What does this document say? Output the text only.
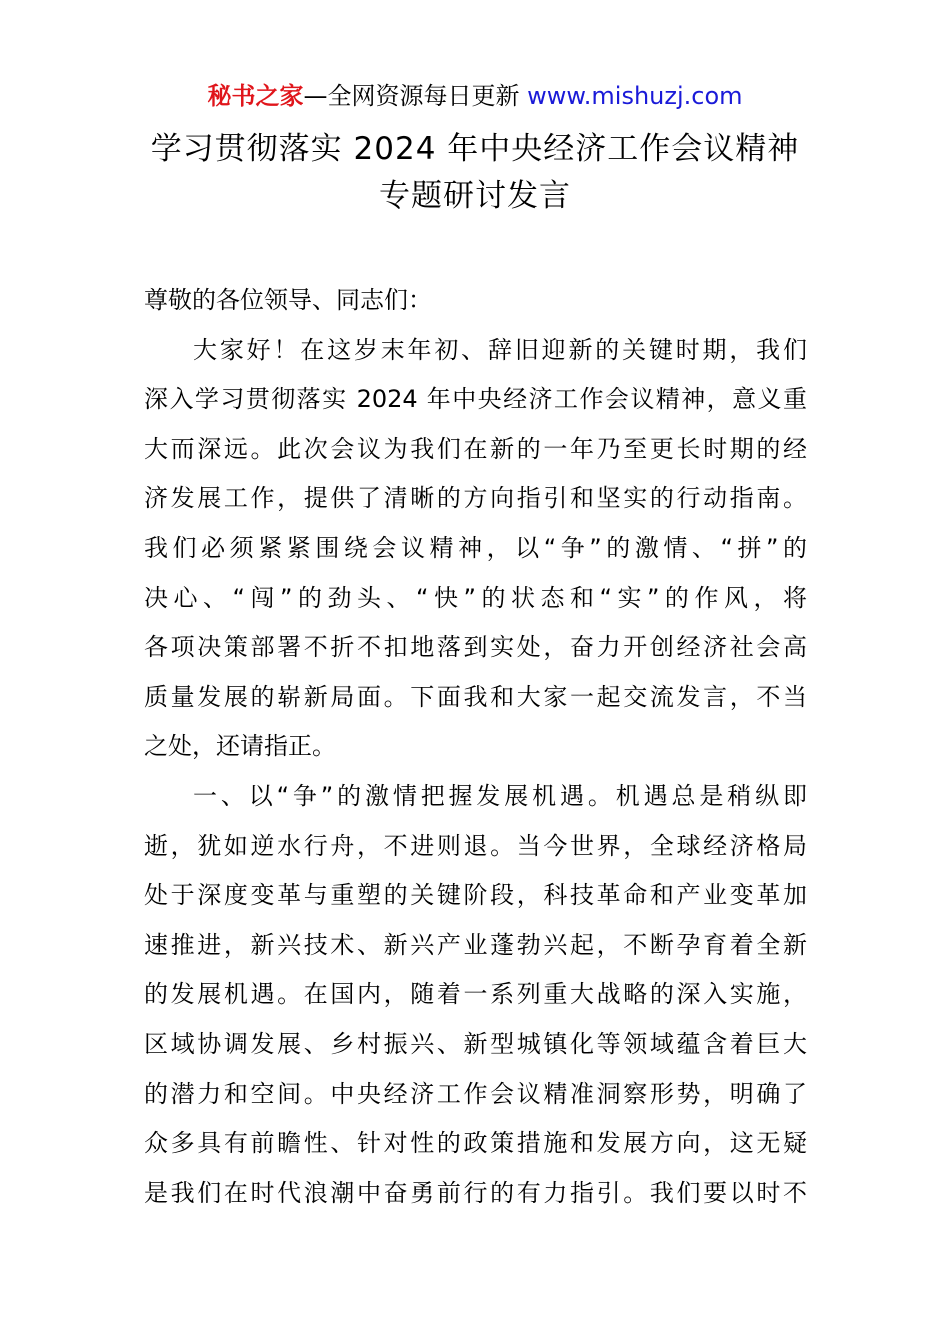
秘书之家—全网资源每日更新 www.mishuzj.com
学习贯彻落实 2024 年中央经济工作会议精神
专题研讨发言
尊敬的各位领导、同志们：
大家好！在这岁末年初、辞旧迎新的关键时期，我们
深入学习贯彻落实 2024 年中央经济工作会议精神，意义重
大而深远。此次会议为我们在新的一年乃至更长时期的经
济发展工作，提供了清晰的方向指引和坚实的行动指南。
我们必须紧紧围绕会议精神，以“争”的激情、“拼”的
决心、“闯”的劲头、“快”的状态和“实”的作风，将
各项决策部署不折不扣地落到实处，奋力开创经济社会高
质量发展的崭新局面。下面我和大家一起交流发言，不当
之处，还请指正。
一、以“争”的激情把握发展机遇。机遇总是稍纵即
逝，犹如逆水行舟，不进则退。当今世界，全球经济格局
处于深度变革与重塑的关键阶段，科技革命和产业变革加
速推进，新兴技术、新兴产业蓬勃兴起，不断孕育着全新
的发展机遇。在国内，随着一系列重大战略的深入实施，
区域协调发展、乡村振兴、新型城镇化等领域蕴含着巨大
的潜力和空间。中央经济工作会议精准洞察形势，明确了
众多具有前瞻性、针对性的政策措施和发展方向，这无疑
是我们在时代浪潮中奋勇前行的有力指引。我们要以时不
